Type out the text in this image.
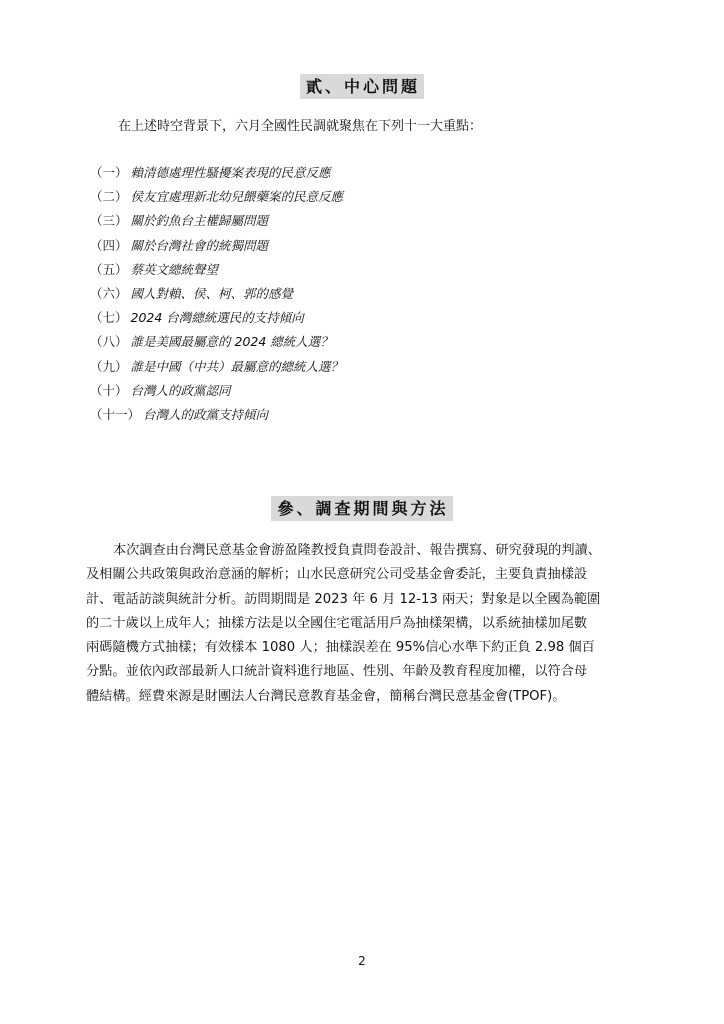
貳、中心問題
在上述時空背景下，六月全國性民調就聚焦在下列十一大重點：
（一） 賴清德處理性騷擾案表現的民意反應
（二） 侯友宜處理新北幼兒餵藥案的民意反應
（三） 關於釣魚台主權歸屬問題
（四） 關於台灣社會的統獨問題
（五） 蔡英文總統聲望
（六） 國人對賴、侯、柯、郭的感覺
（七） 2024 台灣總統選民的支持傾向
（八） 誰是美國最屬意的 2024 總統人選？
（九） 誰是中國（中共）最屬意的總統人選？
（十） 台灣人的政黨認同
（十一） 台灣人的政黨支持傾向
參、調查期間與方法
本次調查由台灣民意基金會游盈隆教授負責問卷設計、報告撰寫、研究發現的判讀、
及相關公共政策與政治意涵的解析；山水民意研究公司受基金會委託，主要負責抽樣設
計、電話訪談與統計分析。訪問期間是 2023 年 6 月 12-13 兩天；對象是以全國為範圍
的二十歲以上成年人；抽樣方法是以全國住宅電話用戶為抽樣架構，以系統抽樣加尾數
兩碼隨機方式抽樣；有效樣本 1080 人；抽樣誤差在 95%信心水準下約正負 2.98 個百
分點。並依內政部最新人口統計資料進行地區、性別、年齡及教育程度加權，以符合母
體結構。經費來源是財團法人台灣民意教育基金會，簡稱台灣民意基金會(TPOF)。
2
